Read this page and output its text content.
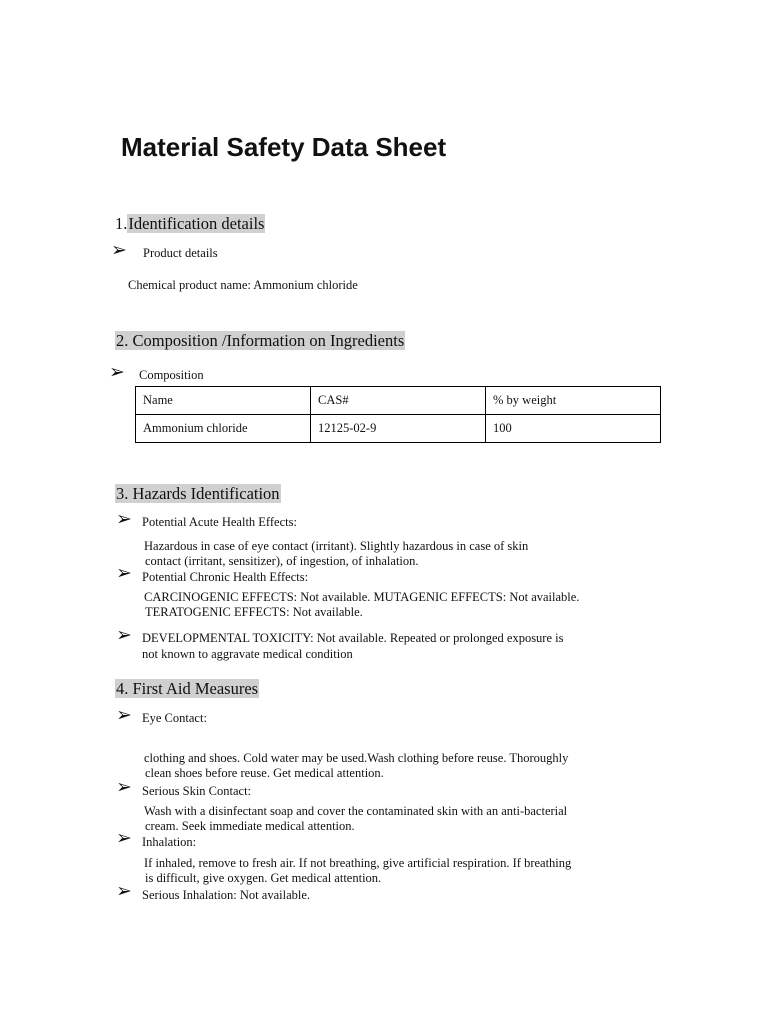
Material Safety Data Sheet
1.Identification details
➢ Product details
Chemical product name: Ammonium chloride
2. Composition /Information on Ingredients
➢ Composition
Name	CAS#	% by weight
Ammonium chloride	12125-02-9	100
3. Hazards Identification
➢ Potential Acute Health Effects:
Hazardous in case of eye contact (irritant). Slightly hazardous in case of skin
contact (irritant, sensitizer), of ingestion, of inhalation.
➢ Potential Chronic Health Effects:
CARCINOGENIC EFFECTS: Not available. MUTAGENIC EFFECTS: Not available.
TERATOGENIC EFFECTS: Not available.
➢ DEVELOPMENTAL TOXICITY: Not available. Repeated or prolonged exposure is
not known to aggravate medical condition
4. First Aid Measures
➢ Eye Contact:
clothing and shoes. Cold water may be used.Wash clothing before reuse. Thoroughly
clean shoes before reuse. Get medical attention.
➢ Serious Skin Contact:
Wash with a disinfectant soap and cover the contaminated skin with an anti-bacterial
cream. Seek immediate medical attention.
➢ Inhalation:
If inhaled, remove to fresh air. If not breathing, give artificial respiration. If breathing
is difficult, give oxygen. Get medical attention.
➢ Serious Inhalation: Not available.
